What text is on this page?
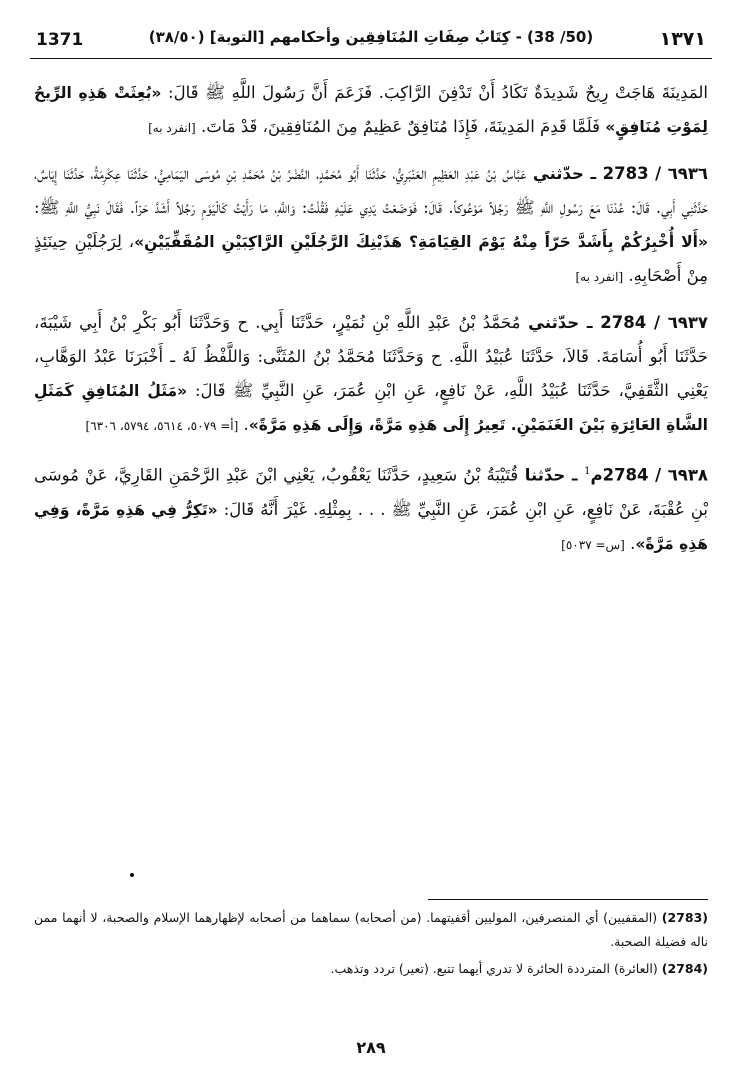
1371	(50/ 38) - كِتَابُ صِفَاتِ المُنَافِقِين وأحكامهم [التوبة] (٣٨/٥٠)	١٣٧١

المَدِينَةَ هَاجَتْ رِيحٌ شَدِيدَةٌ تَكَادُ أَنْ تَدْفِنَ الرَّاكِبَ. فَزَعَمَ أَنَّ رَسُولَ اللَّهِ ﷺ قَالَ: «بُعِثَتْ هَذِهِ الرِّيحُ لِمَوْتِ مُنَافِقٍ» فَلَمَّا قَدِمَ المَدِينَةَ، فَإِذَا مُنَافِقٌ عَظِيمٌ مِنَ المُنَافِقِينَ، قَدْ مَاتَ. [انفرد به]

٦٩٣٦ / 2783 ـ حدّثني عَبَّاسُ بْنُ عَبْدِ العَظِيمِ العَنْبَرِيُّ، حَدَّثَنَا أَبُو مُحَمَّدٍ، النَّضْرُ بْنُ مُحَمَّدِ بْنِ مُوسَى اليَمَامِيُّ، حَدَّثَنَا عِكْرِمَةُ، حَدَّثَنَا إِيَاسٌ، حَدَّثَنِي أَبِي. قَالَ: عُدْنَا مَعَ رَسُولِ اللَّهِ ﷺ رَجُلاً مَوْعُوكاً. قَالَ: فَوَضَعْتُ يَدِي عَلَيْهِ فَقُلْتُ: وَاللَّهِ، مَا رَأَيْتُ كَالْيَوْمِ رَجُلاً أَشَدَّ حَرّاً. فَقَالَ نَبِيُّ اللَّهِ ﷺ: «أَلا أُخْبِرُكُمْ بِأَشَدَّ حَرّاً مِنْهُ يَوْمَ القِيَامَةِ؟ هَذَيْنِكَ الرَّجُلَيْنِ الرَّاكِبَيْنِ المُقَفِّيَيْنِ»، لِرَجُلَيْنِ حِينَئِذٍ مِنْ أَصْحَابِهِ. [انفرد به]

٦٩٣٧ / 2784 ـ حدّثني مُحَمَّدُ بْنُ عَبْدِ اللَّهِ بْنِ نُمَيْرٍ، حَدَّثَنَا أَبِي. ح وَحَدَّثَنَا أَبُو بَكْرِ بْنُ أَبِي شَيْبَةَ، حَدَّثَنَا أَبُو أُسَامَةَ. قَالاَ، حَدَّثَنَا عُبَيْدُ اللَّهِ. ح وَحَدَّثَنَا مُحَمَّدُ بْنُ المُثَنَّى: وَاللَّفْظُ لَهُ ـ أَخْبَرَنَا عَبْدُ الوَهَّابِ، يَعْنِي الثَّقَفِيَّ، حَدَّثَنَا عُبَيْدُ اللَّهِ، عَنْ نَافِعٍ، عَنِ ابْنِ عُمَرَ، عَنِ النَّبِيِّ ﷺ قَالَ: «مَثَلُ المُنَافِقِ كَمَثَلِ الشَّاةِ العَائِرَةِ بَيْنَ الغَنَمَيْنِ. تَعِيرُ إِلَى هَذِهِ مَرَّةً، وَإِلَى هَذِهِ مَرَّةً». [أ= ٥٠٧٩، ٥٦١٤، ٥٧٩٤، ٦٣٠٦]

٦٩٣٨ / 2784م$^1$ ـ حدّثنا قُتَيْبَةُ بْنُ سَعِيدٍ، حَدَّثَنَا يَعْقُوبُ، يَعْنِي ابْنَ عَبْدِ الرَّحْمَنِ القَارِيَّ، عَنْ مُوسَى بْنِ عُقْبَةَ، عَنْ نَافِعٍ، عَنِ ابْنِ عُمَرَ، عَنِ النَّبِيِّ ﷺ . . . بِمِثْلِهِ. غَيْرَ أَنَّهُ قَالَ: «تَكِرُّ فِي هَذِهِ مَرَّةً، وَفِي هَذِهِ مَرَّةً». [س= ٥٠٣٧]

(2783) (المقفيين) أي المنصرفين، الموليين أقفيتهما. (من أصحابه) سماهما من أصحابه لإظهارهما الإسلام والصحبة، لا أنهما ممن ناله فضيلة الصحبة.

(2784) (العائرة) المترددة الحائرة لا تدري أيهما تتبع. (تعير) تردد وتذهب.

٢٨٩
